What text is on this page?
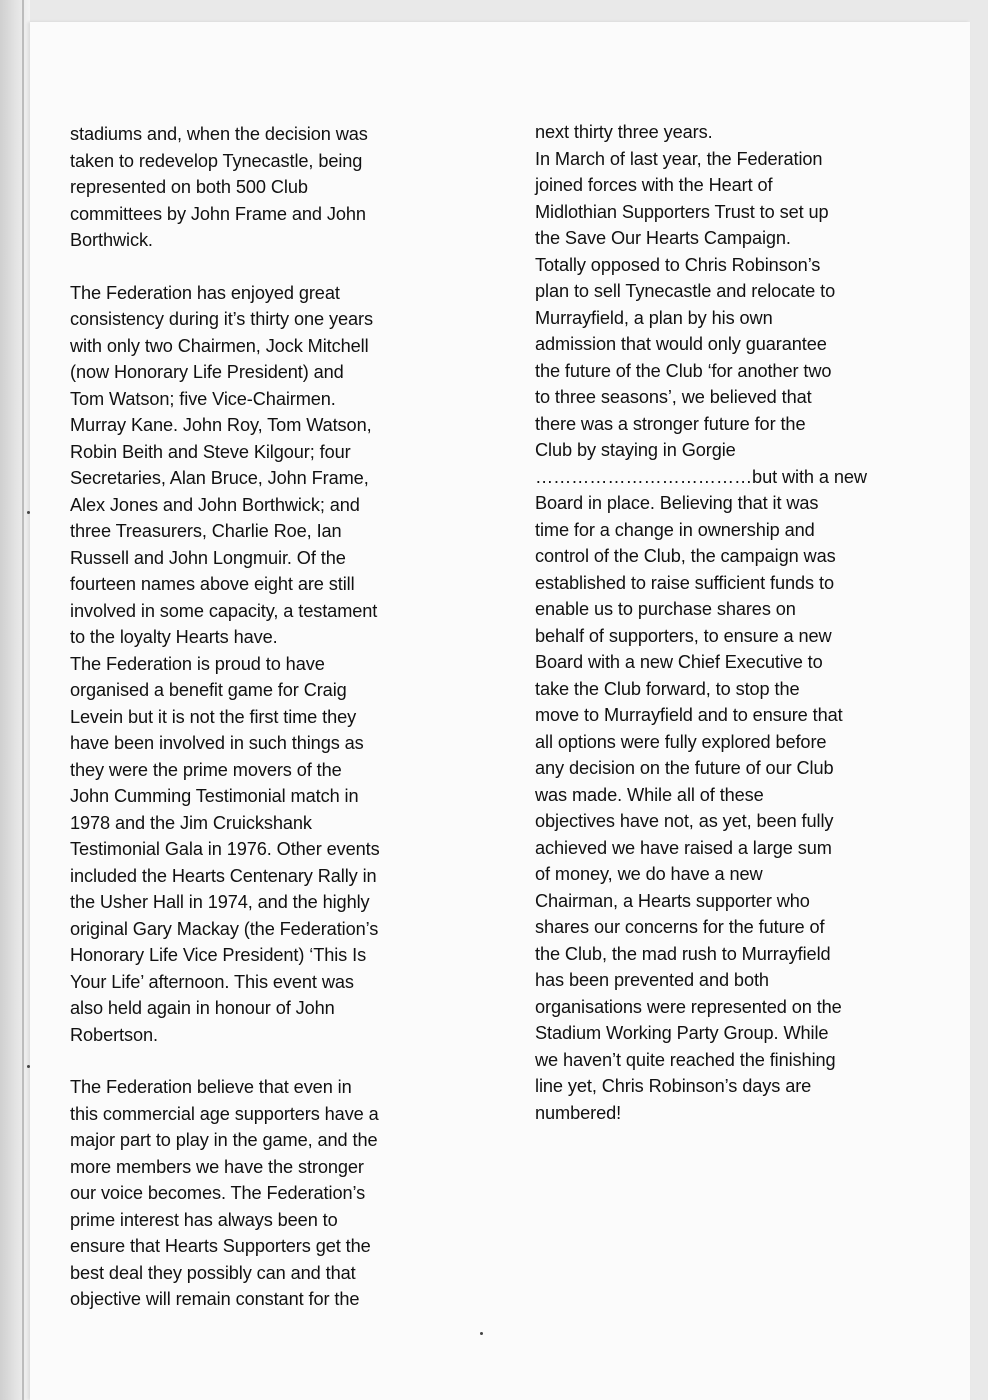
stadiums and, when the decision was
taken to redevelop Tynecastle, being
represented on both 500 Club
committees by John Frame and John
Borthwick.
The Federation has enjoyed great
consistency during it’s thirty one years
with only two Chairmen, Jock Mitchell
(now Honorary Life President) and
Tom Watson; five Vice-Chairmen.
Murray Kane. John Roy, Tom Watson,
Robin Beith and Steve Kilgour; four
Secretaries, Alan Bruce, John Frame,
Alex Jones and John Borthwick; and
three Treasurers, Charlie Roe, Ian
Russell and John Longmuir. Of the
fourteen names above eight are still
involved in some capacity, a testament
to the loyalty Hearts have.
The Federation is proud to have
organised a benefit game for Craig
Levein but it is not the first time they
have been involved in such things as
they were the prime movers of the
John Cumming Testimonial match in
1978 and the Jim Cruickshank
Testimonial Gala in 1976. Other events
included the Hearts Centenary Rally in
the Usher Hall in 1974, and the highly
original Gary Mackay (the Federation’s
Honorary Life Vice President) ‘This Is
Your Life’ afternoon. This event was
also held again in honour of John
Robertson.
The Federation believe that even in
this commercial age supporters have a
major part to play in the game, and the
more members we have the stronger
our voice becomes. The Federation’s
prime interest has always been to
ensure that Hearts Supporters get the
best deal they possibly can and that
objective will remain constant for the
next thirty three years.
In March of last year, the Federation
joined forces with the Heart of
Midlothian Supporters Trust to set up
the Save Our Hearts Campaign.
Totally opposed to Chris Robinson’s
plan to sell Tynecastle and relocate to
Murrayfield, a plan by his own
admission that would only guarantee
the future of the Club ‘for another two
to three seasons’, we believed that
there was a stronger future for the
Club by staying in Gorgie
………………………………but with a new
Board in place. Believing that it was
time for a change in ownership and
control of the Club, the campaign was
established to raise sufficient funds to
enable us to purchase shares on
behalf of supporters, to ensure a new
Board with a new Chief Executive to
take the Club forward, to stop the
move to Murrayfield and to ensure that
all options were fully explored before
any decision on the future of our Club
was made. While all of these
objectives have not, as yet, been fully
achieved we have raised a large sum
of money, we do have a new
Chairman, a Hearts supporter who
shares our concerns for the future of
the Club, the mad rush to Murrayfield
has been prevented and both
organisations were represented on the
Stadium Working Party Group. While
we haven’t quite reached the finishing
line yet, Chris Robinson’s days are
numbered!
